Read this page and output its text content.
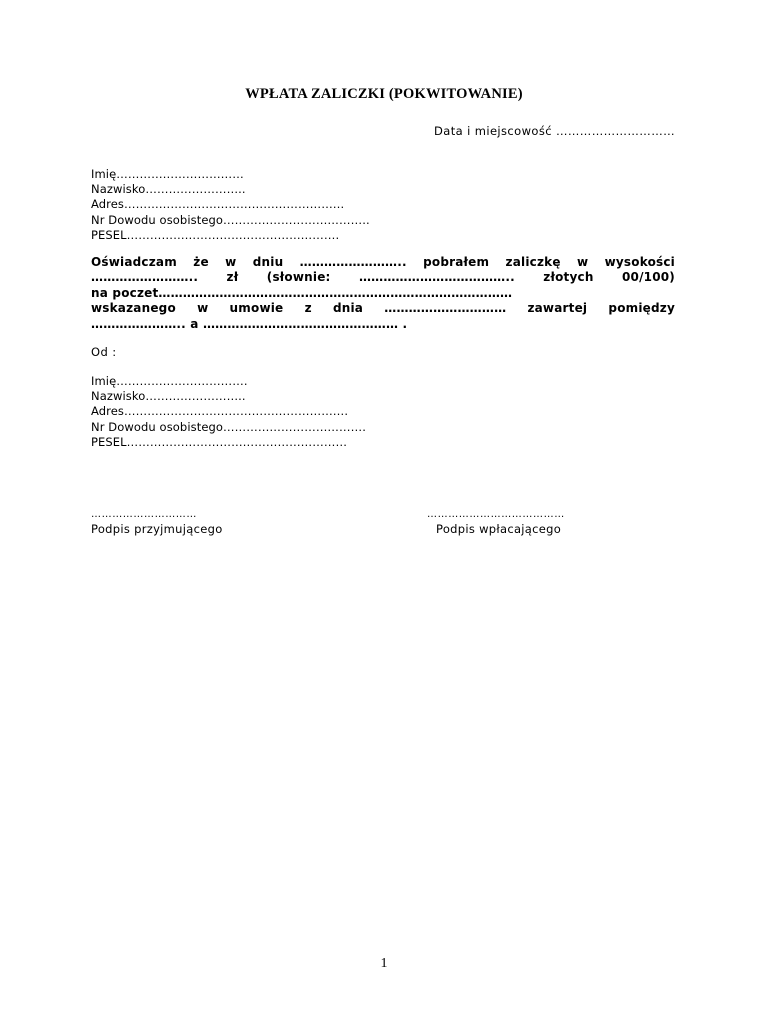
WPŁATA ZALICZKI (POKWITOWANIE)
Data i miejscowość …………………………
Imię……………………………
Nazwisko……………………..
Adres…………………………………………………
Nr Dowodu osobistego………………………………..
PESEL……………………………………………….
Oświadczam że w dniu …………………….. pobrałem zaliczkę w wysokości
…………………….. zł (słownie: ……………………………….. złotych 00/100)
na poczet……………………………………………………………………………
wskazanego w umowie z dnia ………………………… zawartej pomiędzy
………………….. a ………………………………………… .
Od :
Imię…………………………….
Nazwisko……………………..
Adres………………………………………………….
Nr Dowodu osobistego……………………………….
PESEL…………………………………………………
…………………………
Podpis przyjmującego
…………………………………
Podpis wpłacającego
1
